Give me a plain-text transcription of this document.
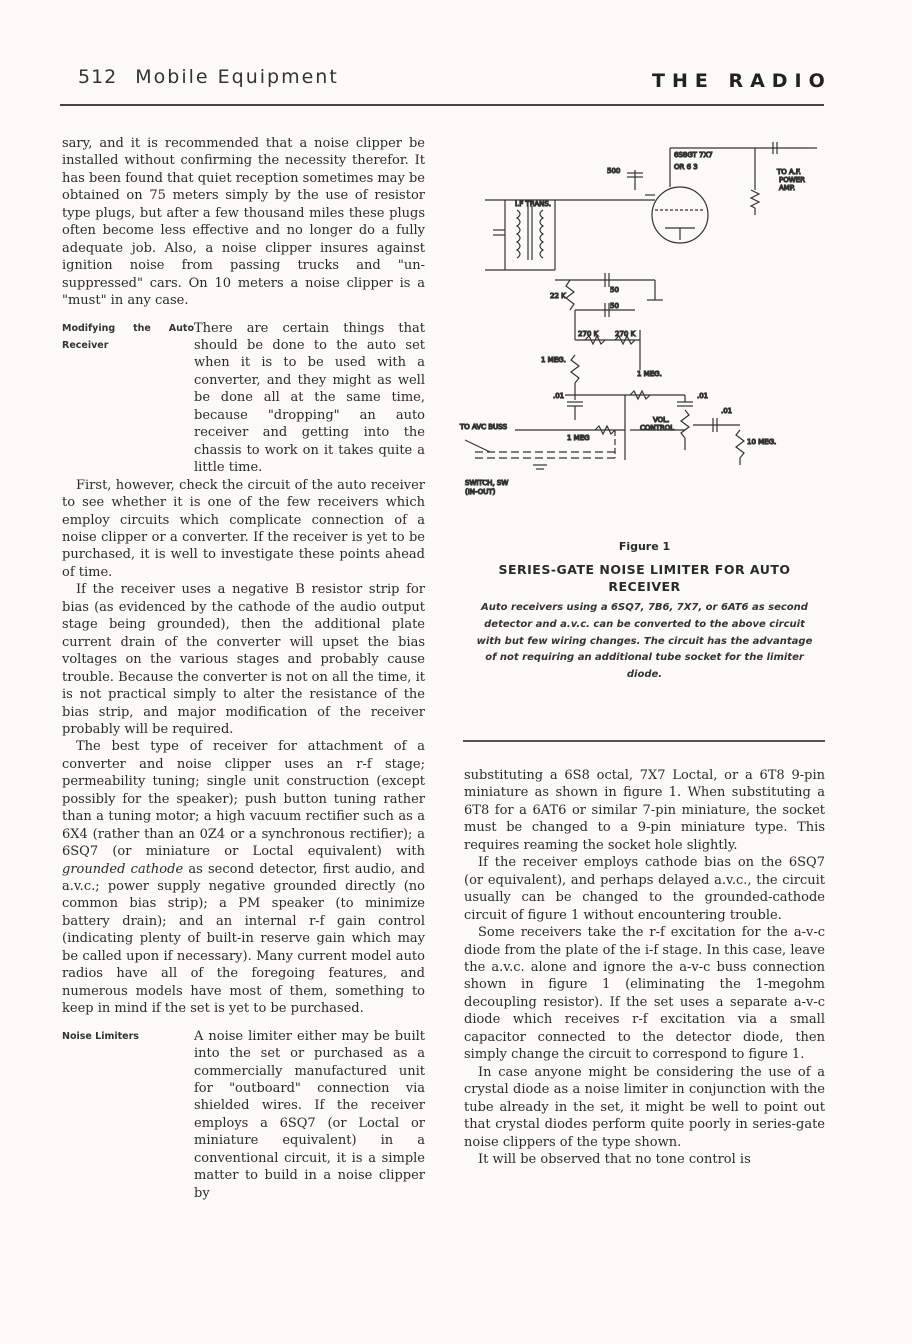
512 Mobile Equipment	THE RADIO

sary, and it is recommended that a noise clipper be installed without confirming the necessity therefor. It has been found that quiet reception sometimes may be obtained on 75 meters simply by the use of resistor type plugs, but after a few thousand miles these plugs often become less effective and no longer do a fully adequate job. Also, a noise clipper insures against ignition noise from passing trucks and "un-suppressed" cars. On 10 meters a noise clipper is a "must" in any case.

Modifying the Auto Receiver
There are certain things that should be done to the auto set when it is to be used with a converter, and they might as well be done all at the same time, because "dropping" an auto receiver and getting into the chassis to work on it takes quite a little time.

First, however, check the circuit of the auto receiver to see whether it is one of the few receivers which employ circuits which complicate connection of a noise clipper or a converter. If the receiver is yet to be purchased, it is well to investigate these points ahead of time.

If the receiver uses a negative B resistor strip for bias (as evidenced by the cathode of the audio output stage being grounded), then the additional plate current drain of the converter will upset the bias voltages on the various stages and probably cause trouble. Because the converter is not on all the time, it is not practical simply to alter the resistance of the bias strip, and major modification of the receiver probably will be required.

The best type of receiver for attachment of a converter and noise clipper uses an r-f stage; permeability tuning; single unit construction (except possibly for the speaker); push button tuning rather than a tuning motor; a high vacuum rectifier such as a 6X4 (rather than an 0Z4 or a synchronous rectifier); a 6SQ7 (or miniature or Loctal equivalent) with grounded cathode as second detector, first audio, and a.v.c.; power supply negative grounded directly (no common bias strip); a PM speaker (to minimize battery drain); and an internal r-f gain control (indicating plenty of built-in reserve gain which may be called upon if necessary). Many current model auto radios have all of the foregoing features, and numerous models have most of them, something to keep in mind if the set is yet to be purchased.

Noise Limiters	A noise limiter either may be built into the set or purchased as a commercially manufactured unit for "outboard" connection via shielded wires. If the receiver employs a 6SQ7 (or Loctal or miniature equivalent) in a conventional circuit, it is a simple matter to build in a noise clipper by
6S8GT 7X7
OR 6 3
500	TO A.F.
POWER
AMP.
I.F TRANS.
22 K
50
50
270 K 270 K
1 MEG.
1 MEG.
.01	.01
.01
TO AVC BUSS
1 MEG
VOL.
CONTROL
10 MEG.
SWITCH, SW
(IN-OUT)
Figure 1
SERIES-GATE NOISE LIMITER FOR AUTO RECEIVER
Auto receivers using a 6SQ7, 7B6, 7X7, or 6AT6 as second detector and a.v.c. can be converted to the above circuit with but few wiring changes. The circuit has the advantage of not requiring an additional tube socket for the limiter diode.

substituting a 6S8 octal, 7X7 Loctal, or a 6T8 9-pin miniature as shown in figure 1. When substituting a 6T8 for a 6AT6 or similar 7-pin miniature, the socket must be changed to a 9-pin miniature type. This requires reaming the socket hole slightly.

If the receiver employs cathode bias on the 6SQ7 (or equivalent), and perhaps delayed a.v.c., the circuit usually can be changed to the grounded-cathode circuit of figure 1 without encountering trouble.

Some receivers take the r-f excitation for the a-v-c diode from the plate of the i-f stage. In this case, leave the a.v.c. alone and ignore the a-v-c buss connection shown in figure 1 (eliminating the 1-megohm decoupling resistor). If the set uses a separate a-v-c diode which receives r-f excitation via a small capacitor connected to the detector diode, then simply change the circuit to correspond to figure 1.

In case anyone might be considering the use of a crystal diode as a noise limiter in conjunction with the tube already in the set, it might be well to point out that crystal diodes perform quite poorly in series-gate noise clippers of the type shown.

It will be observed that no tone control is
